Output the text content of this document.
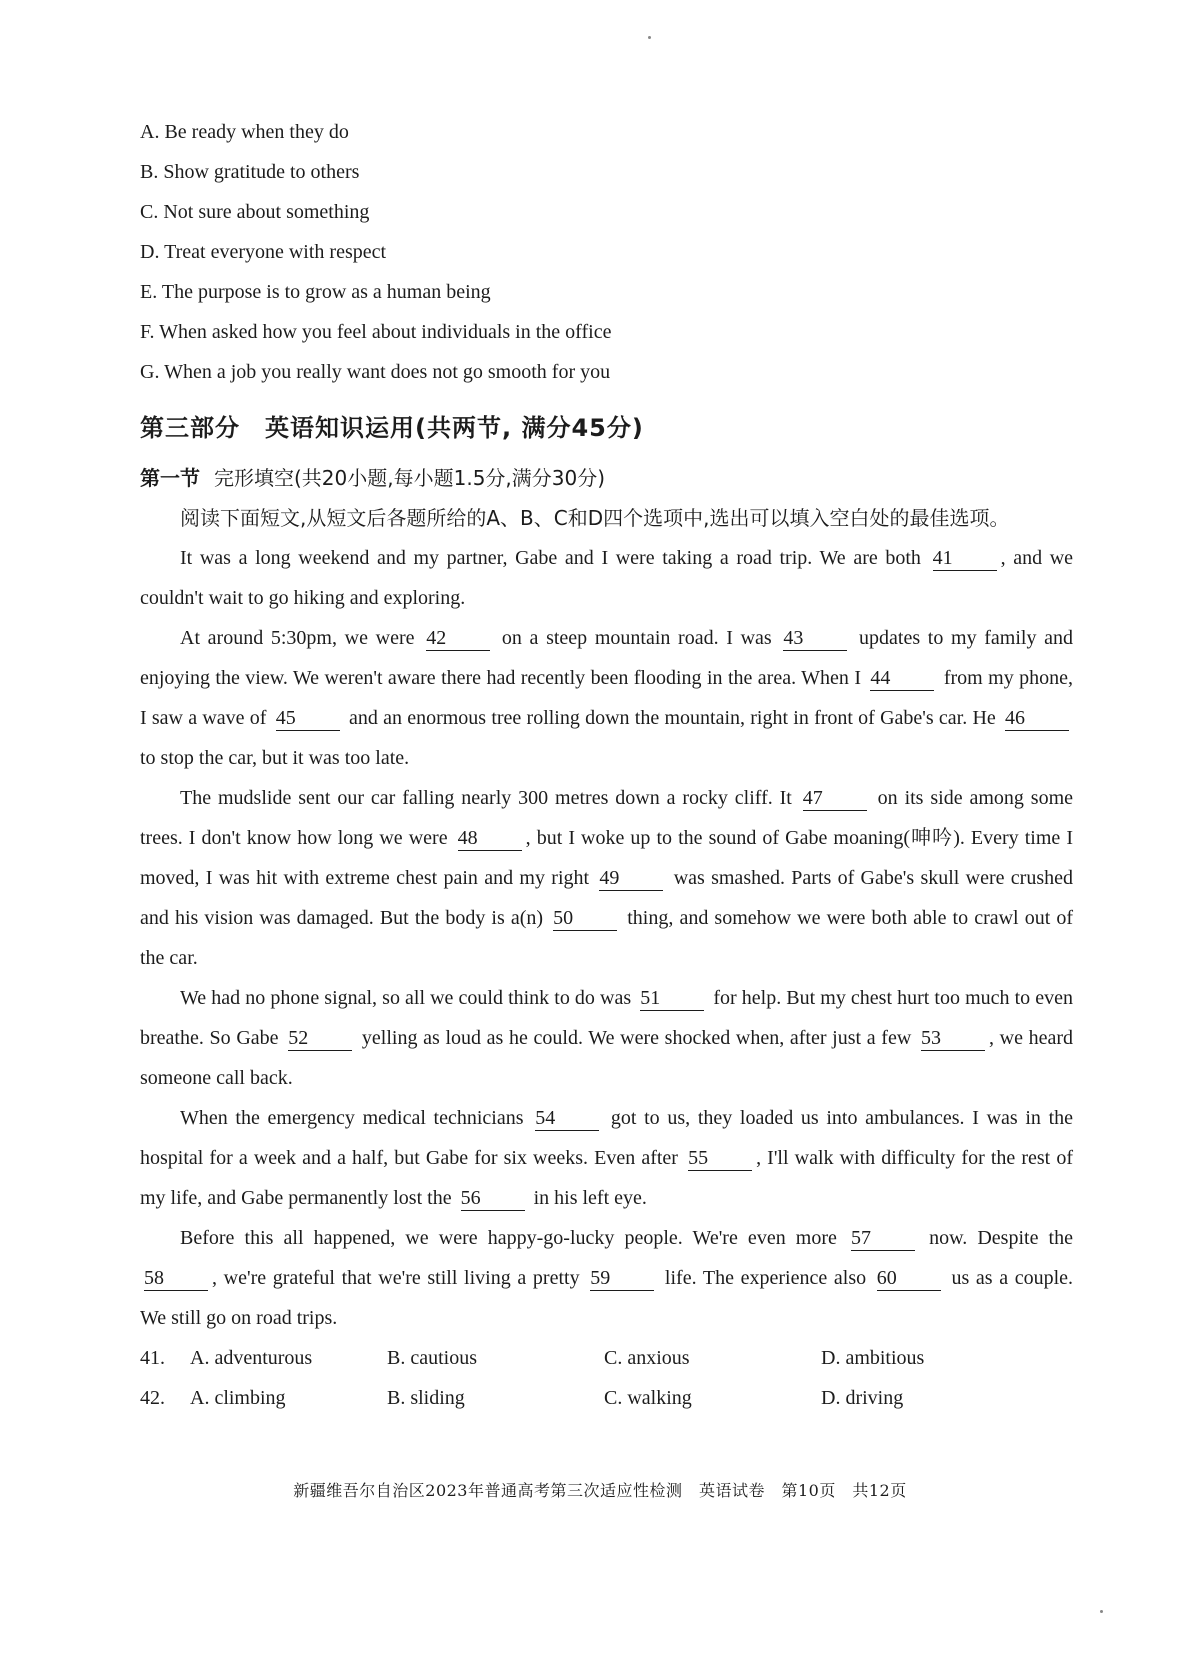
A. Be ready when they do
B. Show gratitude to others
C. Not sure about something
D. Treat everyone with respect
E. The purpose is to grow as a human being
F. When asked how you feel about individuals in the office
G. When a job you really want does not go smooth for you
第三部分　英语知识运用(共两节, 满分45分)
第一节 完形填空(共20小题,每小题1.5分,满分30分)

阅读下面短文,从短文后各题所给的A、B、C和D四个选项中,选出可以填入空白处的最佳选项。

It was a long weekend and my partner, Gabe and I were taking a road trip. We are both 41 , and we couldn't wait to go hiking and exploring.

At around 5:30pm, we were 42	on a steep mountain road. I was 43	updates to my family and enjoying the view. We weren't aware there had recently been flooding in the area. When I 44	from my phone, I saw a wave of 45	and an enormous tree rolling down the mountain, right in front of Gabe's car. He 46 to stop the car, but it was too late.

The mudslide sent our car falling nearly 300 metres down a rocky cliff. It 47	on its side among some trees. I don't know how long we were 48 , but I woke up to the sound of Gabe moaning(呻吟). Every time I moved, I was hit with extreme chest pain and my right 49	was smashed. Parts of Gabe's skull were crushed and his vision was damaged. But the body is a(n) 50	thing, and somehow we were both able to crawl out of the car.

We had no phone signal, so all we could think to do was 51	for help. But my chest hurt too much to even breathe. So Gabe 52	yelling as loud as he could. We were shocked when, after just a few 53 , we heard someone call back.

When the emergency medical technicians 54	got to us, they loaded us into ambulances. I was in the hospital for a week and a half, but Gabe for six weeks. Even after 55 , I'll walk with difficulty for the rest of my life, and Gabe permanently lost the 56	in his left eye.

Before this all happened, we were happy-go-lucky people. We're even more 57	now. Despite the 58 , we're grateful that we're still living a pretty 59	life. The experience also 60	us as a couple. We still go on road trips.

41.	A. adventurous	B. cautious	C. anxious	D. ambitious
42.	A. climbing	B. sliding	C. walking	D. driving
新疆维吾尔自治区2023年普通高考第三次适应性检测　英语试卷　第10页　共12页
